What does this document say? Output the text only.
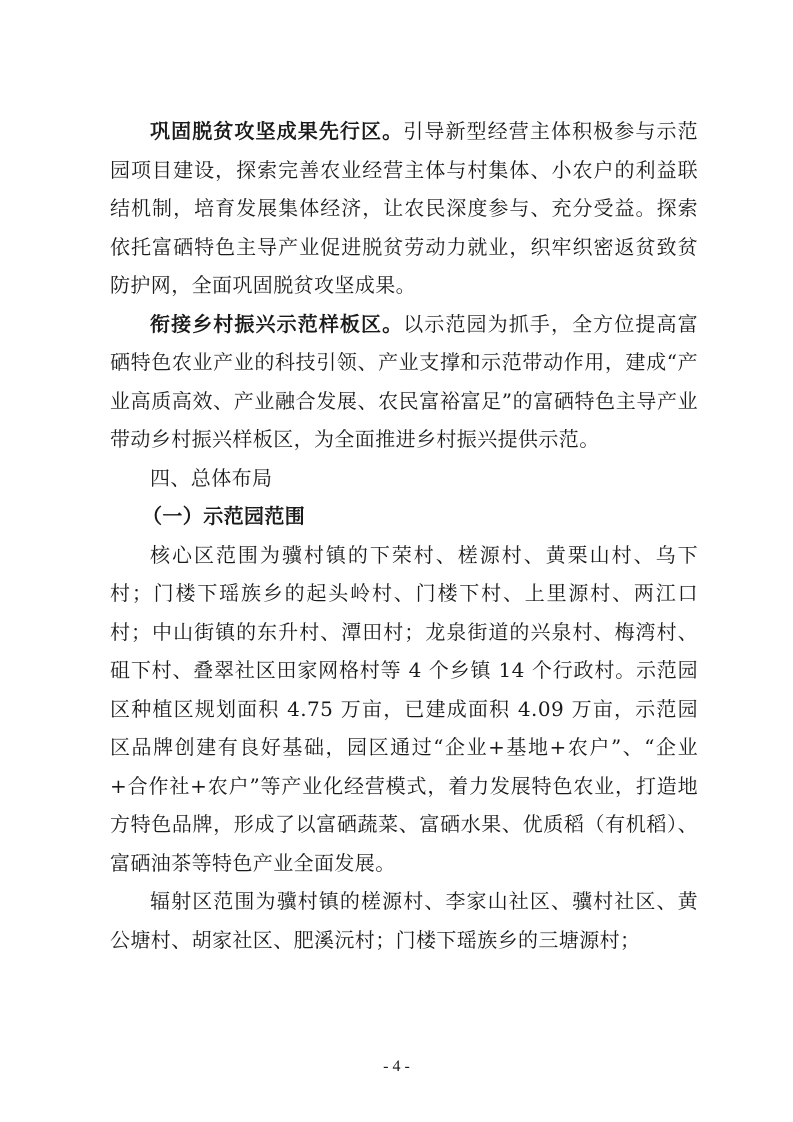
巩固脱贫攻坚成果先行区。引导新型经营主体积极参与示范园项目建设，探索完善农业经营主体与村集体、小农户的利益联结机制，培育发展集体经济，让农民深度参与、充分受益。探索依托富硒特色主导产业促进脱贫劳动力就业，织牢织密返贫致贫防护网，全面巩固脱贫攻坚成果。

衔接乡村振兴示范样板区。以示范园为抓手，全方位提高富硒特色农业产业的科技引领、产业支撑和示范带动作用，建成“产业高质高效、产业融合发展、农民富裕富足”的富硒特色主导产业带动乡村振兴样板区，为全面推进乡村振兴提供示范。

四、总体布局
（一）示范园范围

核心区范围为骥村镇的下荣村、槎源村、黄栗山村、乌下村；门楼下瑶族乡的起头岭村、门楼下村、上里源村、两江口村；中山街镇的东升村、潭田村；龙泉街道的兴泉村、梅湾村、砠下村、叠翠社区田家网格村等 4 个乡镇 14 个行政村。示范园区种植区规划面积 4.75 万亩，已建成面积 4.09 万亩，示范园区品牌创建有良好基础，园区通过“企业+基地+农户”、“企业+合作社+农户”等产业化经营模式，着力发展特色农业，打造地方特色品牌，形成了以富硒蔬菜、富硒水果、优质稻（有机稻）、富硒油茶等特色产业全面发展。

辐射区范围为骥村镇的槎源村、李家山社区、骥村社区、黄公塘村、胡家社区、肥溪沅村；门楼下瑶族乡的三塘源村；

- 4 -
